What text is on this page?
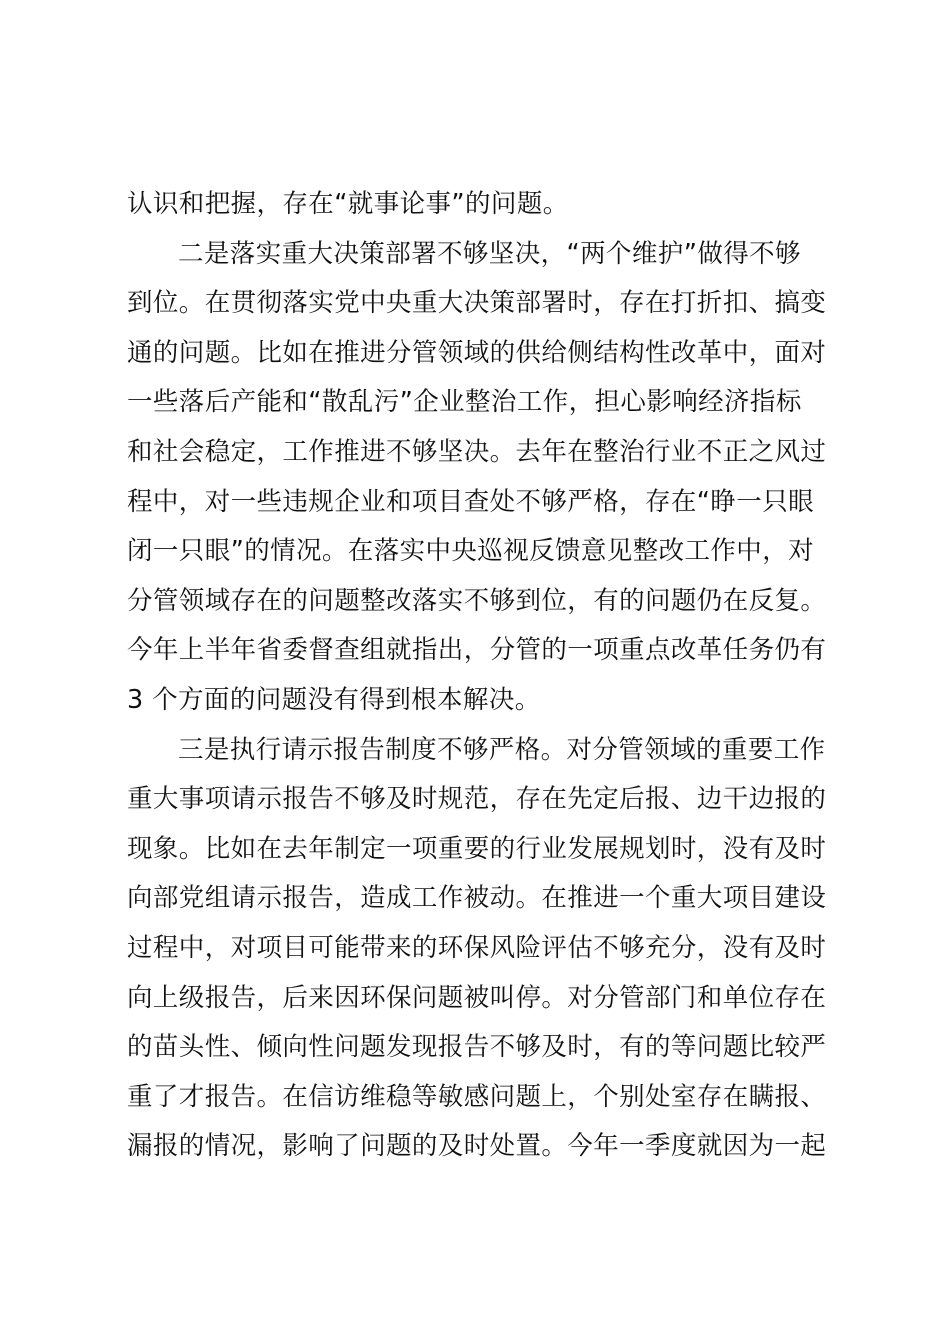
认识和把握，存在“就事论事”的问题。
二是落实重大决策部署不够坚决，“两个维护”做得不够
到位。在贯彻落实党中央重大决策部署时，存在打折扣、搞变
通的问题。比如在推进分管领域的供给侧结构性改革中，面对
一些落后产能和“散乱污”企业整治工作，担心影响经济指标
和社会稳定，工作推进不够坚决。去年在整治行业不正之风过
程中，对一些违规企业和项目查处不够严格，存在“睁一只眼
闭一只眼”的情况。在落实中央巡视反馈意见整改工作中，对
分管领域存在的问题整改落实不够到位，有的问题仍在反复。
今年上半年省委督查组就指出，分管的一项重点改革任务仍有
3 个方面的问题没有得到根本解决。
三是执行请示报告制度不够严格。对分管领域的重要工作
重大事项请示报告不够及时规范，存在先定后报、边干边报的
现象。比如在去年制定一项重要的行业发展规划时，没有及时
向部党组请示报告，造成工作被动。在推进一个重大项目建设
过程中，对项目可能带来的环保风险评估不够充分，没有及时
向上级报告，后来因环保问题被叫停。对分管部门和单位存在
的苗头性、倾向性问题发现报告不够及时，有的等问题比较严
重了才报告。在信访维稳等敏感问题上，个别处室存在瞒报、
漏报的情况，影响了问题的及时处置。今年一季度就因为一起
